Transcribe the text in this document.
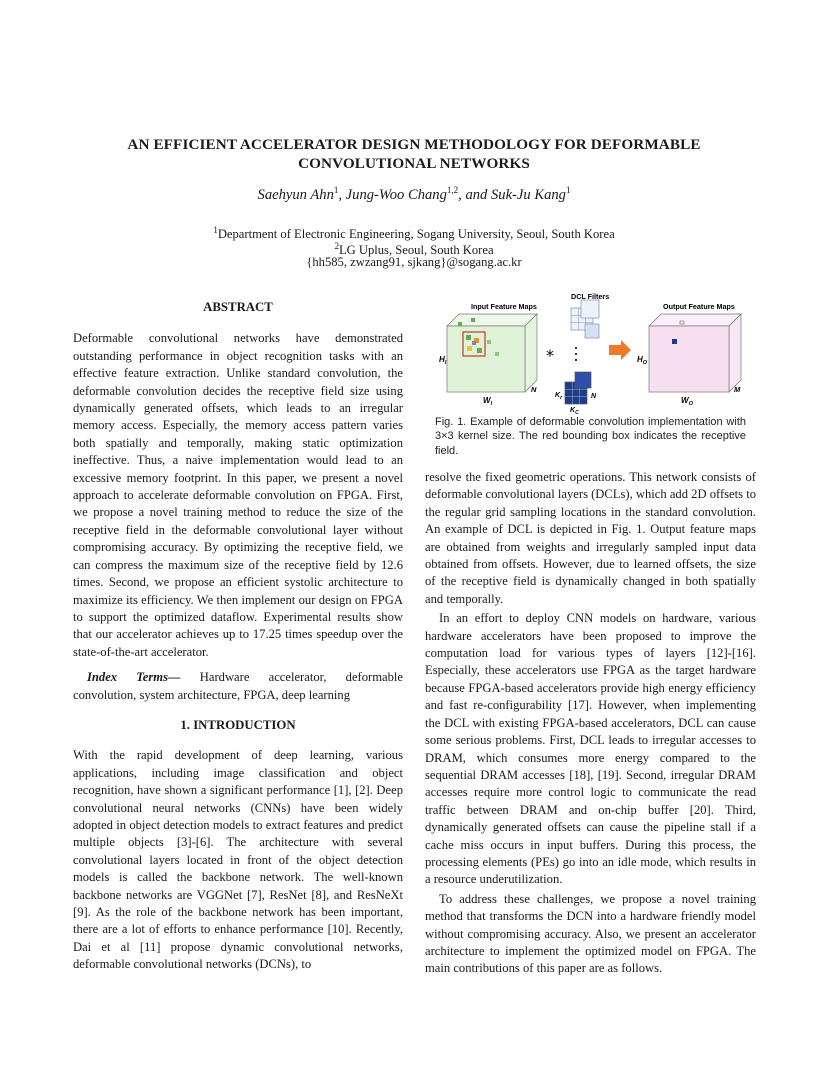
AN EFFICIENT ACCELERATOR DESIGN METHODOLOGY FOR DEFORMABLE
CONVOLUTIONAL NETWORKS
Saehyun Ahn$^1$, Jung-Woo Chang$^{1,2}$, and Suk-Ju Kang$^1$
$^1$Department of Electronic Engineering, Sogang University, Seoul, South Korea
$^2$LG Uplus, Seoul, South Korea
{hh585, zwzang91, sjkang}@sogang.ac.kr

ABSTRACT

Deformable convolutional networks have demonstrated outstanding performance in object recognition tasks with an effective feature extraction. Unlike standard convolution, the deformable convolution decides the receptive field size using dynamically generated offsets, which leads to an irregular memory access. Especially, the memory access pattern varies both spatially and temporally, making static optimization ineffective. Thus, a naive implementation would lead to an excessive memory footprint. In this paper, we present a novel approach to accelerate deformable convolution on FPGA. First, we propose a novel training method to reduce the size of the receptive field in the deformable convolutional layer without compromising accuracy. By optimizing the receptive field, we can compress the maximum size of the receptive field by 12.6 times. Second, we propose an efficient systolic architecture to maximize its efficiency. We then implement our design on FPGA to support the optimized dataflow. Experimental results show that our accelerator achieves up to 17.25 times speedup over the state-of-the-art accelerator.

Index Terms— Hardware accelerator, deformable convolution, system architecture, FPGA, deep learning

1. INTRODUCTION

With the rapid development of deep learning, various applications, including image classification and object recognition, have shown a significant performance [1], [2]. Deep convolutional neural networks (CNNs) have been widely adopted in object detection models to extract features and predict multiple objects [3]-[6]. The architecture with several convolutional layers located in front of the object detection models is called the backbone network. The well-known backbone networks are VGGNet [7], ResNet [8], and ResNeXt [9]. As the role of the backbone network has been important, there are a lot of efforts to enhance performance [10]. Recently, Dai et al [11] propose dynamic convolutional networks, deformable convolutional networks (DCNs), to

Input Feature Maps
$H_I$
$W_I$
N
*
DCL Filters
$K_r$
$K_C$
N
Output Feature Maps
$H_O$
$W_O$
M
Fig. 1. Example of deformable convolution implementation with 3×3 kernel size. The red bounding box indicates the receptive field.

resolve the fixed geometric operations. This network consists of deformable convolutional layers (DCLs), which add 2D offsets to the regular grid sampling locations in the standard convolution. An example of DCL is depicted in Fig. 1. Output feature maps are obtained from weights and irregularly sampled input data obtained from offsets. However, due to learned offsets, the size of the receptive field is dynamically changed in both spatially and temporally.

In an effort to deploy CNN models on hardware, various hardware accelerators have been proposed to improve the computation load for various types of layers [12]-[16]. Especially, these accelerators use FPGA as the target hardware because FPGA-based accelerators provide high energy efficiency and fast re-configurability [17]. However, when implementing the DCL with existing FPGA-based accelerators, DCL can cause some serious problems. First, DCL leads to irregular accesses to DRAM, which consumes more energy compared to the sequential DRAM accesses [18], [19]. Second, irregular DRAM accesses require more control logic to communicate the read traffic between DRAM and on-chip buffer [20]. Third, dynamically generated offsets can cause the pipeline stall if a cache miss occurs in input buffers. During this process, the processing elements (PEs) go into an idle mode, which results in a resource underutilization.

To address these challenges, we propose a novel training method that transforms the DCN into a hardware friendly model without compromising accuracy. Also, we present an accelerator architecture to implement the optimized model on FPGA. The main contributions of this paper are as follows.
